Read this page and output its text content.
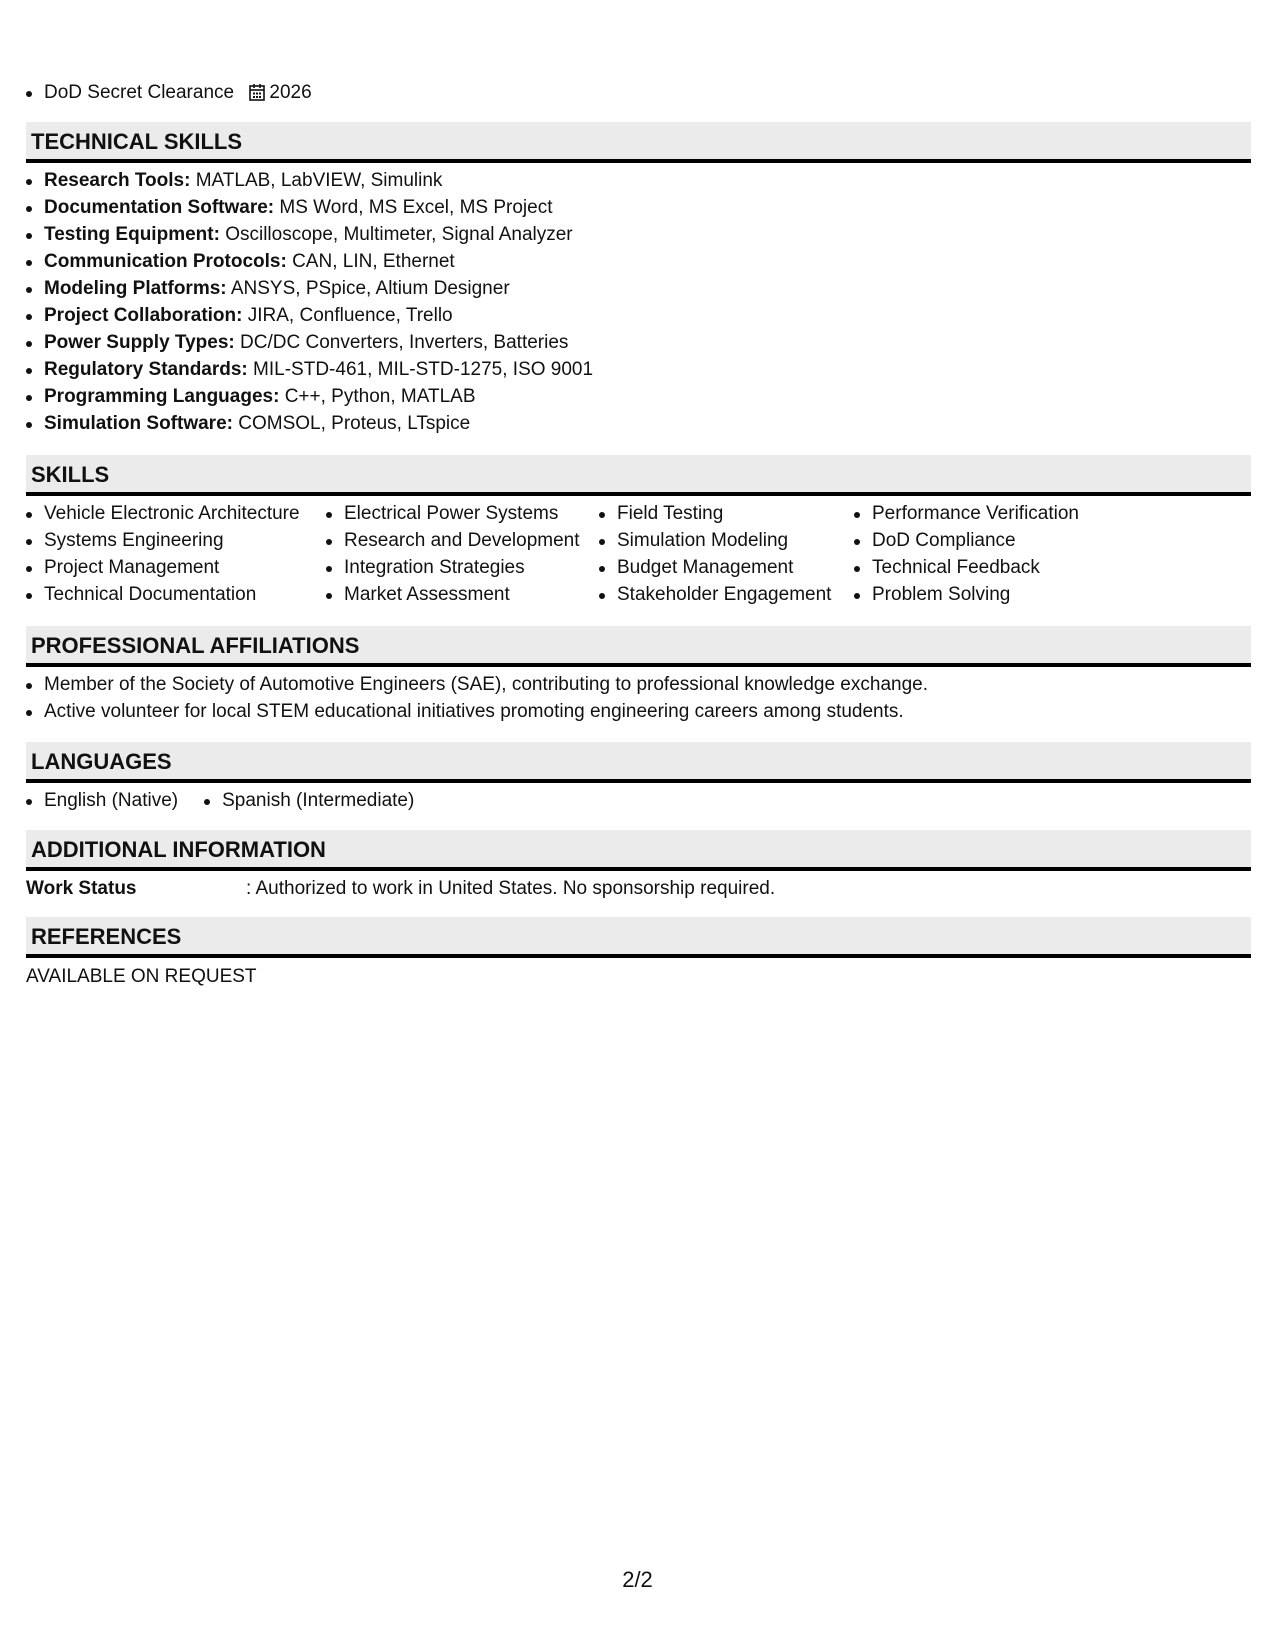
DoD Secret Clearance 2026
TECHNICAL SKILLS
Research Tools: MATLAB, LabVIEW, Simulink
Documentation Software: MS Word, MS Excel, MS Project
Testing Equipment: Oscilloscope, Multimeter, Signal Analyzer
Communication Protocols: CAN, LIN, Ethernet
Modeling Platforms: ANSYS, PSpice, Altium Designer
Project Collaboration: JIRA, Confluence, Trello
Power Supply Types: DC/DC Converters, Inverters, Batteries
Regulatory Standards: MIL-STD-461, MIL-STD-1275, ISO 9001
Programming Languages: C++, Python, MATLAB
Simulation Software: COMSOL, Proteus, LTspice
SKILLS
Vehicle Electronic Architecture
Systems Engineering
Project Management
Technical Documentation
Electrical Power Systems
Research and Development
Integration Strategies
Market Assessment
Field Testing
Simulation Modeling
Budget Management
Stakeholder Engagement
Performance Verification
DoD Compliance
Technical Feedback
Problem Solving
PROFESSIONAL AFFILIATIONS
Member of the Society of Automotive Engineers (SAE), contributing to professional knowledge exchange.
Active volunteer for local STEM educational initiatives promoting engineering careers among students.
LANGUAGES
English (Native)	Spanish (Intermediate)
ADDITIONAL INFORMATION
Work Status	: Authorized to work in United States. No sponsorship required.
REFERENCES
AVAILABLE ON REQUEST
2/2
